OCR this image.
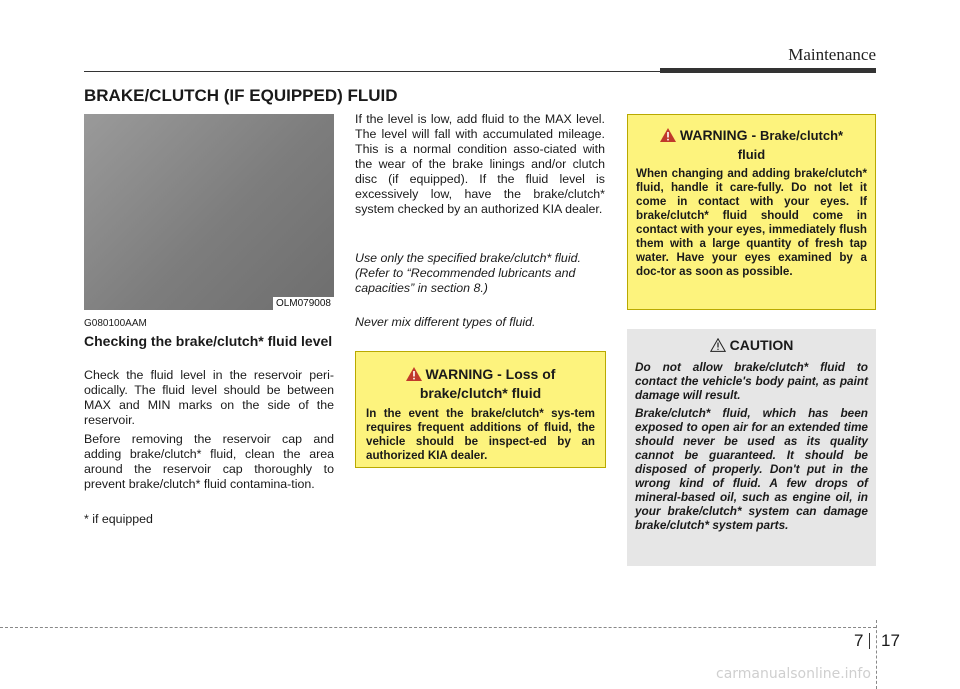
Maintenance
BRAKE/CLUTCH (IF EQUIPPED) FLUID
OLM079008
G080100AAM
Checking the brake/clutch* fluid level
Check the fluid level in the reservoir peri-odically. The fluid level should be between MAX and MIN marks on the side of the reservoir.
Before removing the reservoir cap and adding brake/clutch* fluid, clean the area around the reservoir cap thoroughly to prevent brake/clutch* fluid contamina-tion.
* if equipped
If the level is low, add fluid to the MAX level. The level will fall with accumulated mileage. This is a normal condition asso-ciated with the wear of the brake linings and/or clutch disc (if equipped). If the fluid level is excessively low, have the brake/clutch* system checked by an authorized KIA dealer.
Use only the specified brake/clutch* fluid. (Refer to “Recommended lubricants and capacities” in section 8.)
Never mix different types of fluid.
WARNING - Loss of
brake/clutch* fluid
In the event the brake/clutch* sys-tem requires frequent additions of fluid, the vehicle should be inspect-ed by an authorized KIA dealer.
WARNING - Brake/clutch*
fluid
When changing and adding brake/clutch* fluid, handle it care-fully. Do not let it come in contact with your eyes. If brake/clutch* fluid should come in contact with your eyes, immediately flush them with a large quantity of fresh tap water. Have your eyes examined by a doc-tor as soon as possible.
CAUTION

Do not allow brake/clutch* fluid to contact the vehicle's body paint, as paint damage will result.

Brake/clutch* fluid, which has been exposed to open air for an extended time should never be used as its quality cannot be guaranteed. It should be disposed of properly. Don't put in the wrong kind of fluid. A few drops of mineral-based oil, such as engine oil, in your brake/clutch* system can damage brake/clutch* system parts.

7 17
carmanualsonline.info
